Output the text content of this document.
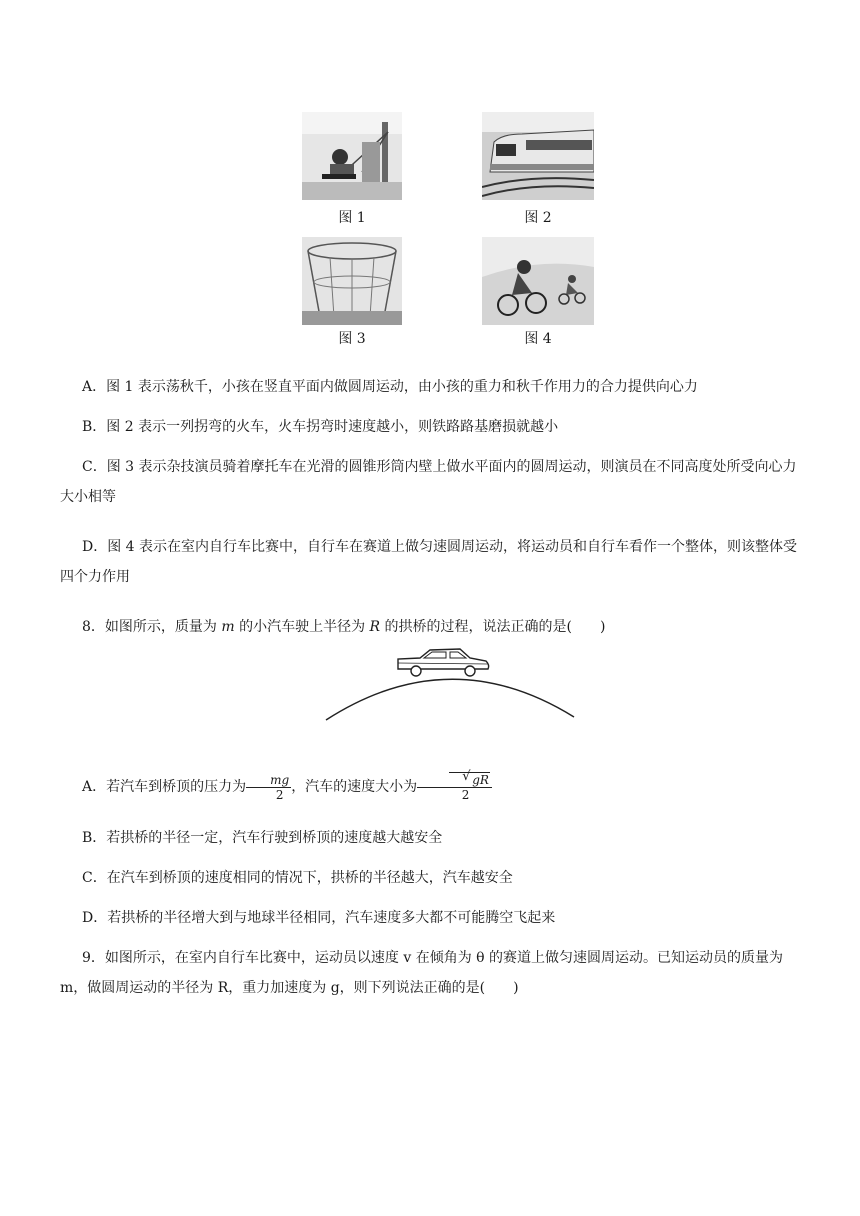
图 1	图 2
图 3	图 4
A．图 1 表示荡秋千，小孩在竖直平面内做圆周运动，由小孩的重力和秋千作用力的合力提供向心力
B．图 2 表示一列拐弯的火车，火车拐弯时速度越小，则铁路路基磨损就越小
C．图 3 表示杂技演员骑着摩托车在光滑的圆锥形筒内壁上做水平面内的圆周运动，则演员在不同高度处所受向心力大小相等
D．图 4 表示在室内自行车比赛中，自行车在赛道上做匀速圆周运动，将运动员和自行车看作一个整体，则该整体受四个力作用
8．如图所示，质量为 m 的小汽车驶上半径为 R 的拱桥的过程，说法正确的是(　　)
A．若汽车到桥顶的压力为 $\frac{mg}{2}$ ，汽车的速度大小为
√ $\frac{gR}{2}$
B．若拱桥的半径一定，汽车行驶到桥顶的速度越大越安全
C．在汽车到桥顶的速度相同的情况下，拱桥的半径越大，汽车越安全
D．若拱桥的半径增大到与地球半径相同，汽车速度多大都不可能腾空飞起来
9．如图所示，在室内自行车比赛中，运动员以速度 v 在倾角为 θ 的赛道上做匀速圆周运动。已知运动员的质量为 m，做圆周运动的半径为 R，重力加速度为 g，则下列说法正确的是(　　)
